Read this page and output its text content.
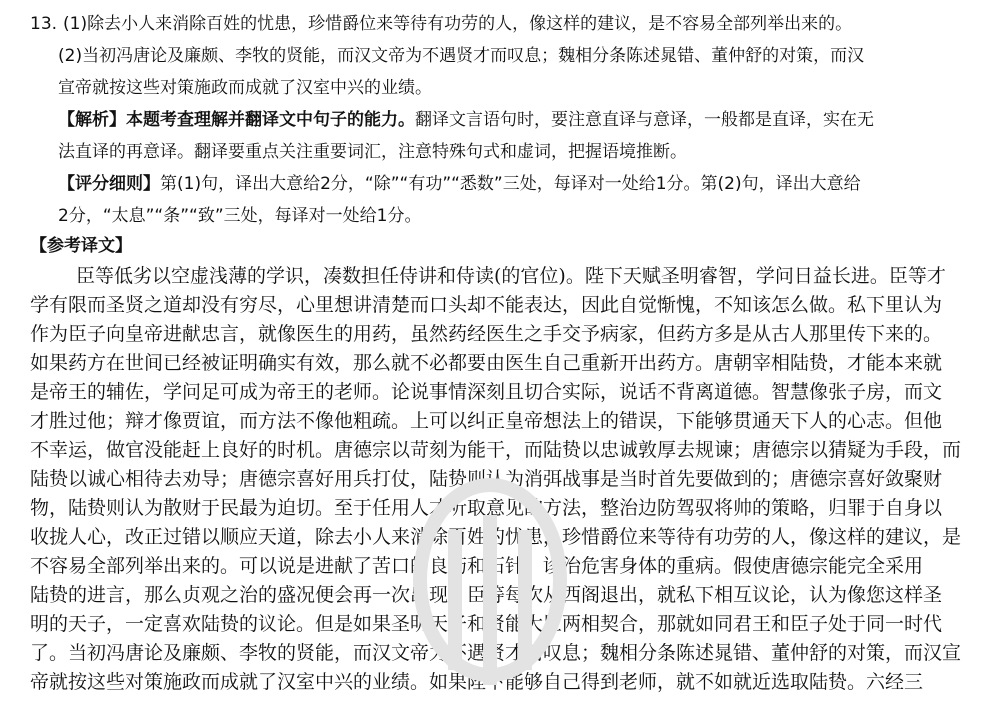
13. (1)除去小人来消除百姓的忧患，珍惜爵位来等待有功劳的人，像这样的建议，是不容易全部列举出来的。
(2)当初冯唐论及廉颇、李牧的贤能，而汉文帝为不遇贤才而叹息；魏相分条陈述晁错、董仲舒的对策，而汉
宣帝就按这些对策施政而成就了汉室中兴的业绩。
【解析】本题考查理解并翻译文中句子的能力。翻译文言语句时，要注意直译与意译，一般都是直译，实在无
法直译的再意译。翻译要重点关注重要词汇，注意特殊句式和虚词，把握语境推断。
【评分细则】第(1)句，译出大意给2分，“除”“有功”“悉数”三处，每译对一处给1分。第(2)句，译出大意给
2分，“太息”“条”“致”三处，每译对一处给1分。
【参考译文】
臣等低劣以空虚浅薄的学识，凑数担任侍讲和侍读(的官位)。陛下天赋圣明睿智，学问日益长进。臣等才
学有限而圣贤之道却没有穷尽，心里想讲清楚而口头却不能表达，因此自觉惭愧，不知该怎么做。私下里认为
作为臣子向皇帝进献忠言，就像医生的用药，虽然药经医生之手交予病家，但药方多是从古人那里传下来的。
如果药方在世间已经被证明确实有效，那么就不必都要由医生自己重新开出药方。唐朝宰相陆贽，才能本来就
是帝王的辅佐，学问足可成为帝王的老师。论说事情深刻且切合实际，说话不背离道德。智慧像张子房，而文
才胜过他；辩才像贾谊，而方法不像他粗疏。上可以纠正皇帝想法上的错误，下能够贯通天下人的心志。但他
不幸运，做官没能赶上良好的时机。唐德宗以苛刻为能干，而陆贽以忠诚敦厚去规谏；唐德宗以猜疑为手段，而
陆贽以诚心相待去劝导；唐德宗喜好用兵打仗，陆贽则认为消弭战事是当时首先要做到的；唐德宗喜好敛聚财
物，陆贽则认为散财于民最为迫切。至于任用人才听取意见的方法，整治边防驾驭将帅的策略，归罪于自身以
收拢人心，改正过错以顺应天道，除去小人来消除百姓的忧患，珍惜爵位来等待有功劳的人，像这样的建议，是
不容易全部列举出来的。可以说是进献了苦口的良药和石针，诊治危害身体的重病。假使唐德宗能完全采用
陆贽的进言，那么贞观之治的盛况便会再一次出现。臣等每次从西阁退出，就私下相互议论，认为像您这样圣
明的天子，一定喜欢陆贽的议论。但是如果圣明天子和贤能大臣两相契合，那就如同君王和臣子处于同一时代
了。当初冯唐论及廉颇、李牧的贤能，而汉文帝为不遇贤才而叹息；魏相分条陈述晁错、董仲舒的对策，而汉宣
帝就按这些对策施政而成就了汉室中兴的业绩。如果陛下能够自己得到老师，就不如就近选取陆贽。六经三
